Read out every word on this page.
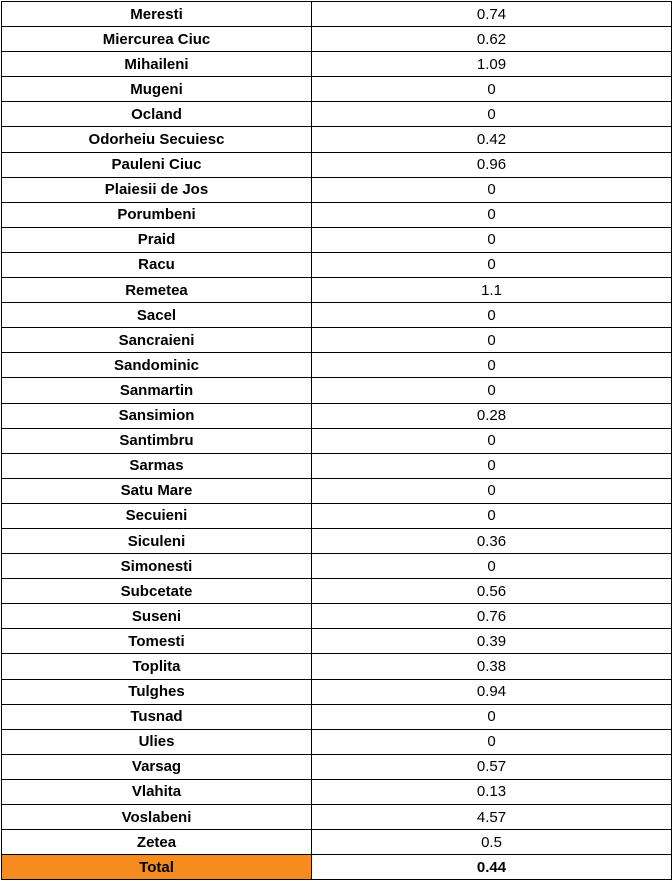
Meresti	0.74
Miercurea Ciuc	0.62
Mihaileni	1.09
Mugeni	0
Ocland	0
Odorheiu Secuiesc	0.42
Pauleni Ciuc	0.96
Plaiesii de Jos	0
Porumbeni	0
Praid	0
Racu	0
Remetea	1.1
Sacel	0
Sancraieni	0
Sandominic	0
Sanmartin	0
Sansimion	0.28
Santimbru	0
Sarmas	0
Satu Mare	0
Secuieni	0
Siculeni	0.36
Simonesti	0
Subcetate	0.56
Suseni	0.76
Tomesti	0.39
Toplita	0.38
Tulghes	0.94
Tusnad	0
Ulies	0
Varsag	0.57
Vlahita	0.13
Voslabeni	4.57
Zetea	0.5
Total	0.44
